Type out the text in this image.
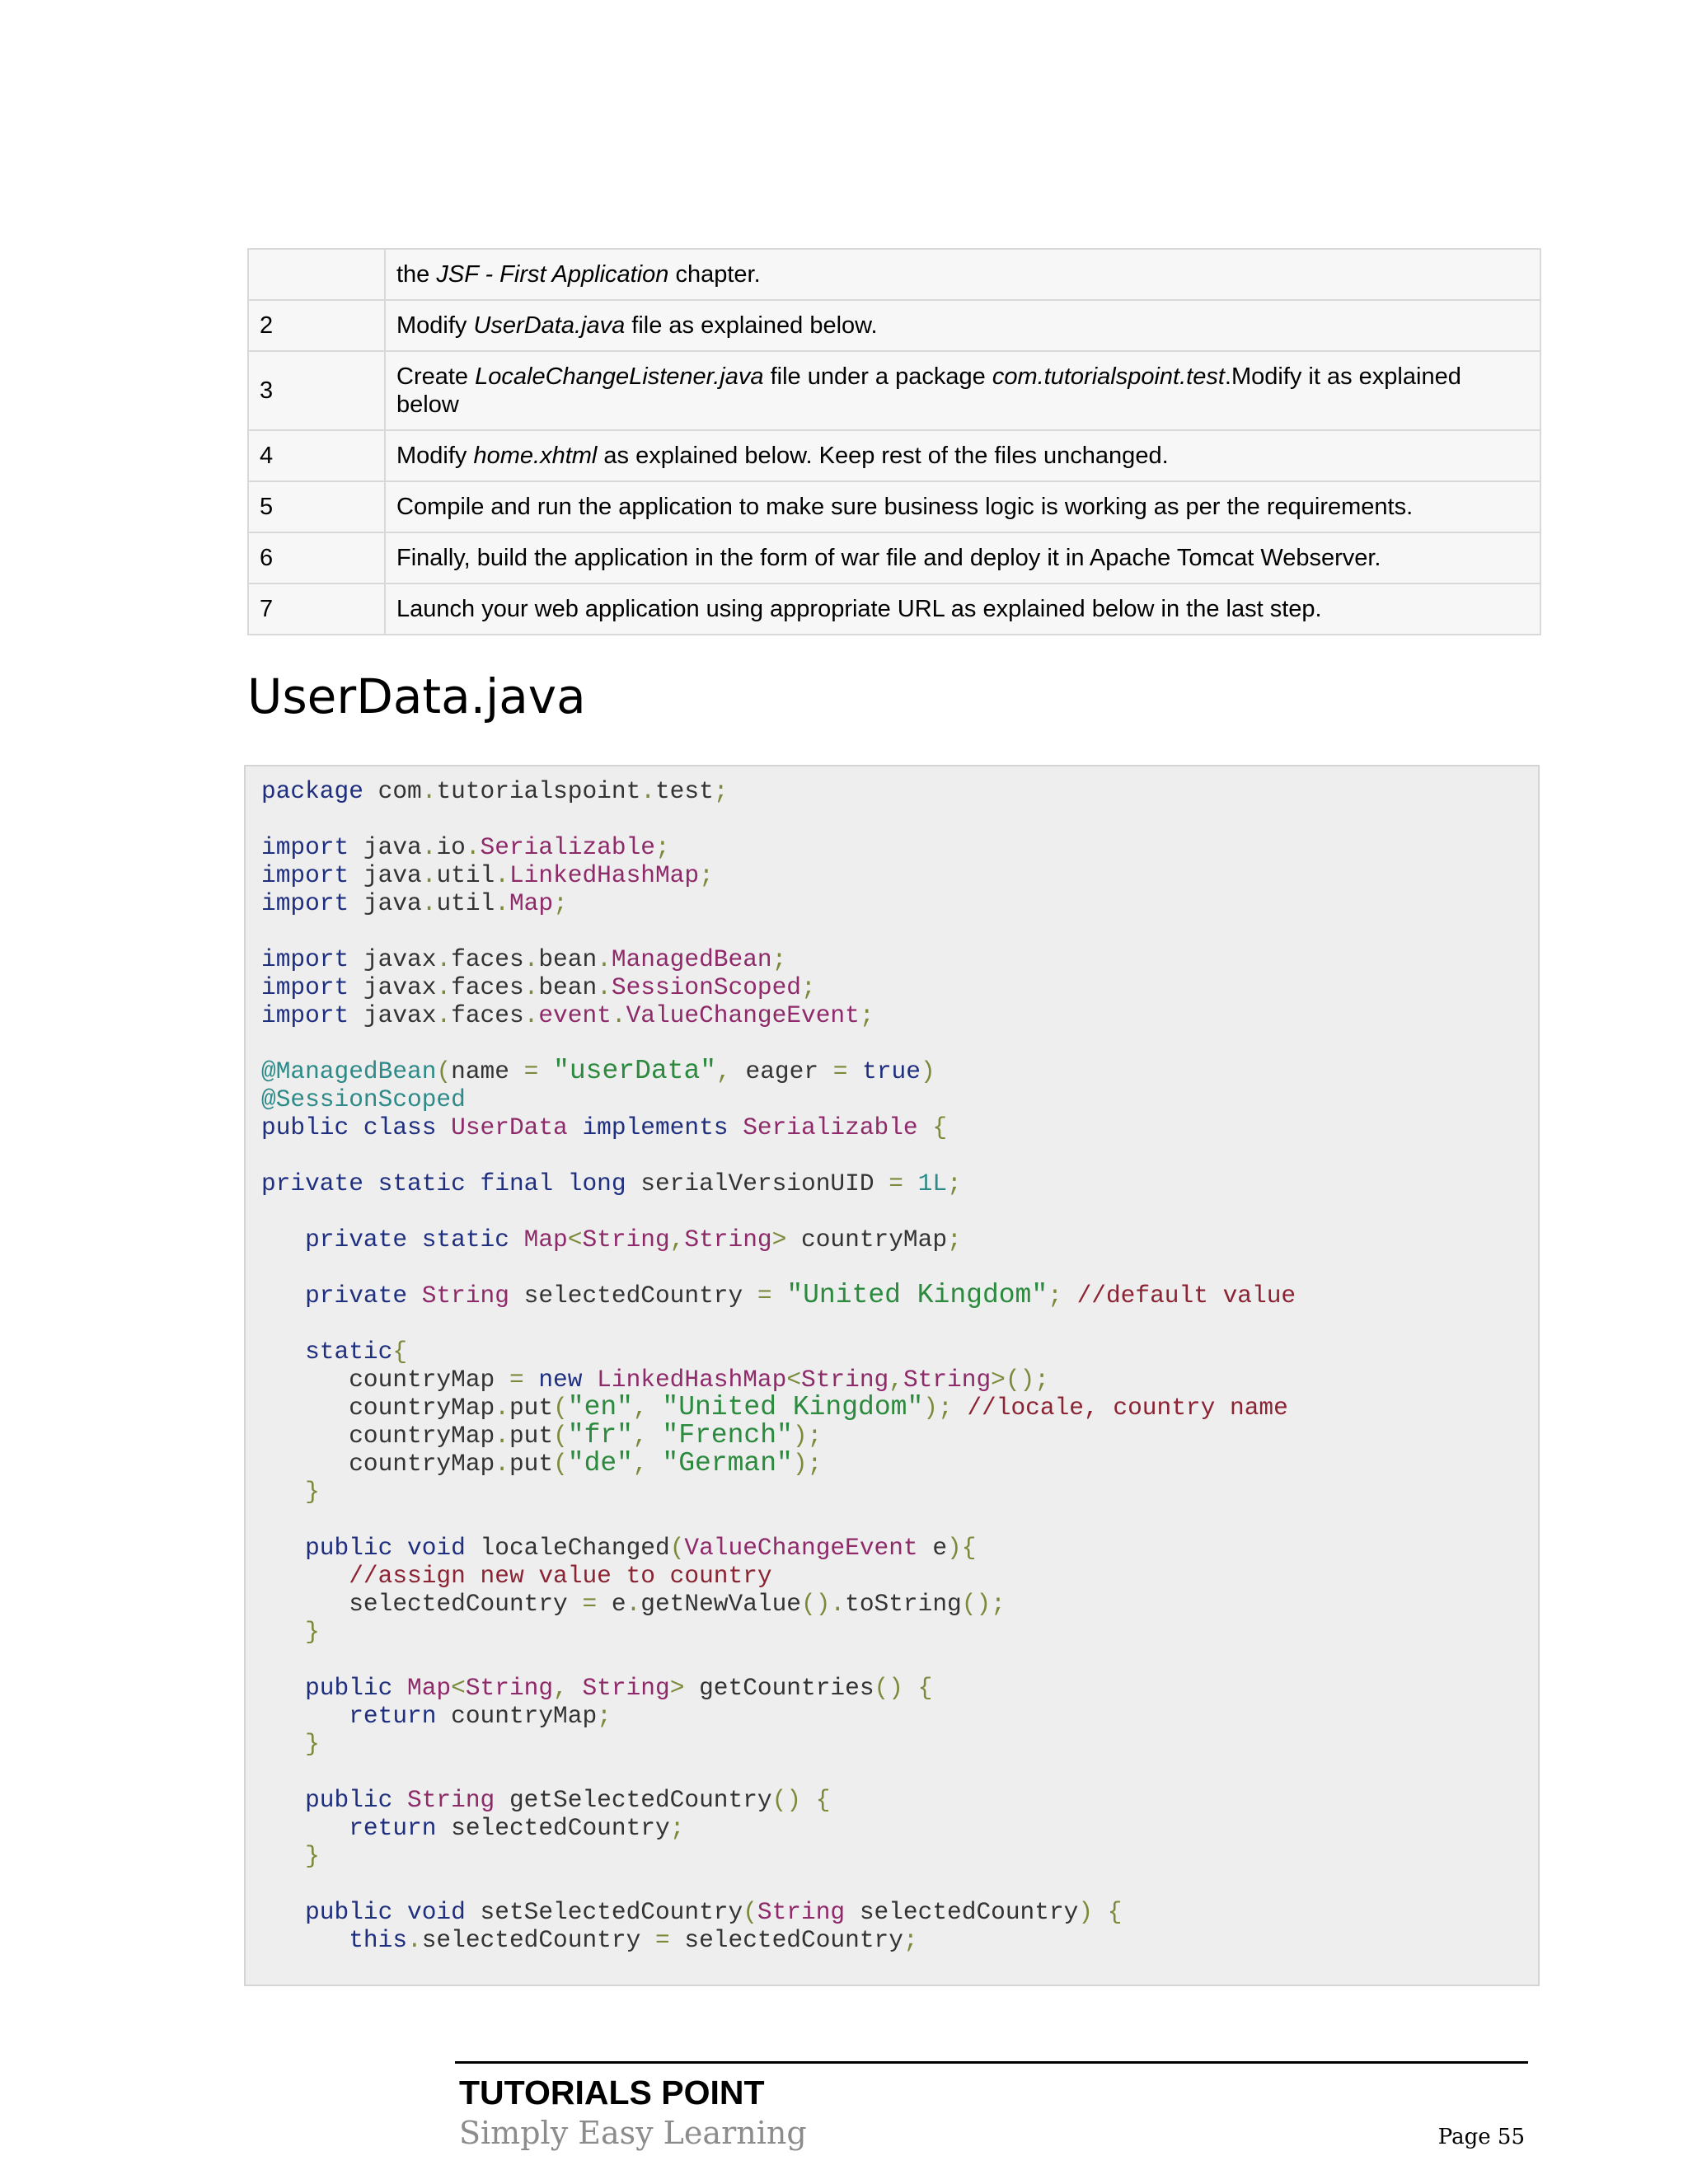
	the JSF - First Application chapter.
2	Modify UserData.java file as explained below.
3	Create LocaleChangeListener.java file under a package com.tutorialspoint.test.Modify it as explained below
4	Modify home.xhtml as explained below. Keep rest of the files unchanged.
5	Compile and run the application to make sure business logic is working as per the requirements.
6	Finally, build the application in the form of war file and deploy it in Apache Tomcat Webserver.
7	Launch your web application using appropriate URL as explained below in the last step.
UserData.java
package com.tutorialspoint.test;

import java.io.Serializable;
import java.util.LinkedHashMap;
import java.util.Map;

import javax.faces.bean.ManagedBean;
import javax.faces.bean.SessionScoped;
import javax.faces.event.ValueChangeEvent;

@ManagedBean(name = "userData", eager = true)
@SessionScoped
public class UserData implements Serializable {

private static final long serialVersionUID = 1L;

private static Map<String,String> countryMap;

private String selectedCountry = "United Kingdom"; //default value

static{
countryMap = new LinkedHashMap<String,String>();
countryMap.put("en", "United Kingdom"); //locale, country name
countryMap.put("fr", "French");
countryMap.put("de", "German");
}

public void localeChanged(ValueChangeEvent e){
//assign new value to country
selectedCountry = e.getNewValue().toString();
}

public Map<String, String> getCountries() {
return countryMap;
}

public String getSelectedCountry() {
return selectedCountry;
}

public void setSelectedCountry(String selectedCountry) {
this.selectedCountry = selectedCountry;
TUTORIALS POINT
Simply Easy Learning	Page 55
